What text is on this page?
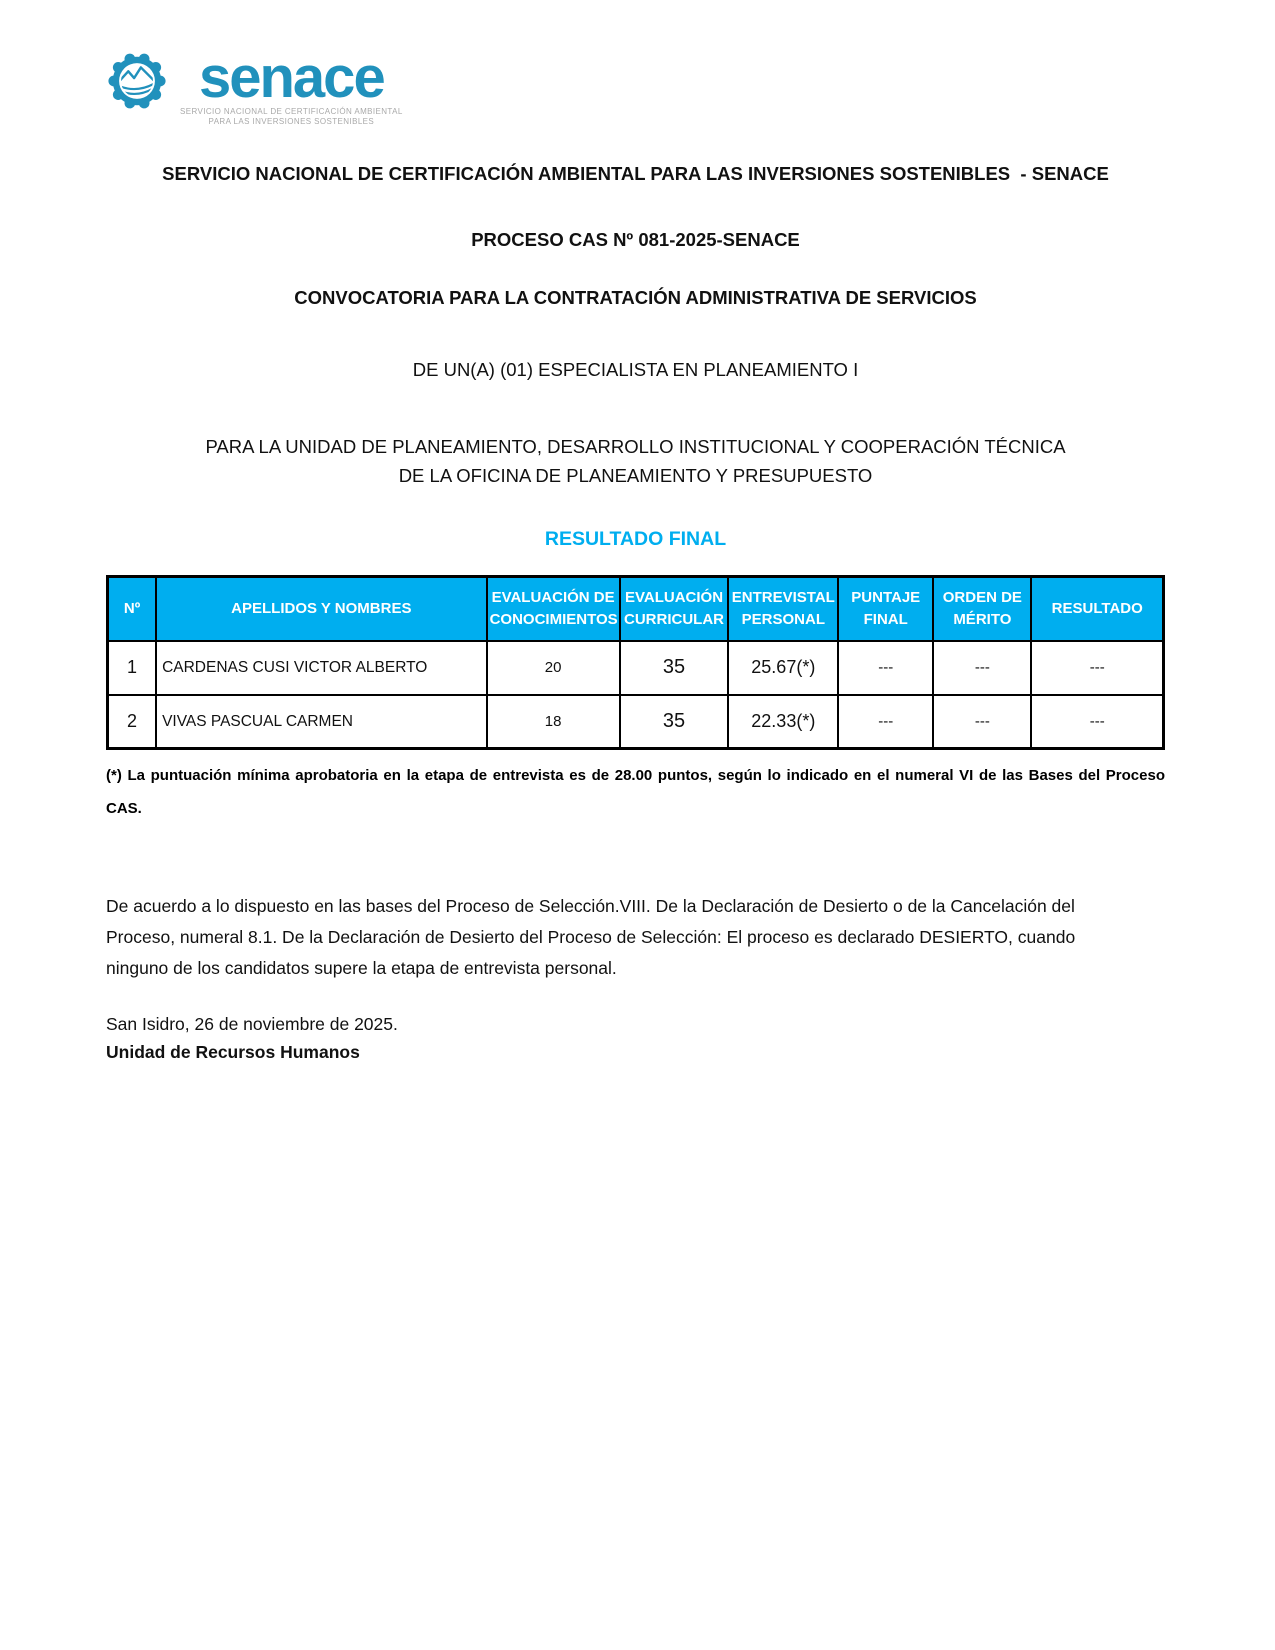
senace
SERVICIO NACIONAL DE CERTIFICACIÓN AMBIENTAL
PARA LAS INVERSIONES SOSTENIBLES
SERVICIO NACIONAL DE CERTIFICACIÓN AMBIENTAL PARA LAS INVERSIONES SOSTENIBLES  - SENACE
PROCESO CAS Nº 081-2025-SENACE
CONVOCATORIA PARA LA CONTRATACIÓN ADMINISTRATIVA DE SERVICIOS

DE UN(A) (01) ESPECIALISTA EN PLANEAMIENTO I

PARA LA UNIDAD DE PLANEAMIENTO, DESARROLLO INSTITUCIONAL Y COOPERACIÓN TÉCNICA
DE LA OFICINA DE PLANEAMIENTO Y PRESUPUESTO

RESULTADO FINAL
Nº	APELLIDOS Y NOMBRES	EVALUACIÓN DE CONOCIMIENTOS	EVALUACIÓN CURRICULAR	ENTREVISTAL PERSONAL	PUNTAJE FINAL	ORDEN DE MÉRITO	RESULTADO
1	CARDENAS CUSI VICTOR ALBERTO	20	35	25.67(*)	---	---	---
2	VIVAS PASCUAL CARMEN	18	35	22.33(*)	---	---	---

(*) La puntuación mínima aprobatoria en la etapa de entrevista es de 28.00 puntos, según lo indicado en el numeral VI de las Bases del Proceso CAS.

De acuerdo a lo dispuesto en las bases del Proceso de Selección.VIII. De la Declaración de Desierto o de la Cancelación del Proceso, numeral 8.1. De la Declaración de Desierto del Proceso de Selección: El proceso es declarado DESIERTO, cuando ninguno de los candidatos supere la etapa de entrevista personal.

San Isidro, 26 de noviembre de 2025.

Unidad de Recursos Humanos
